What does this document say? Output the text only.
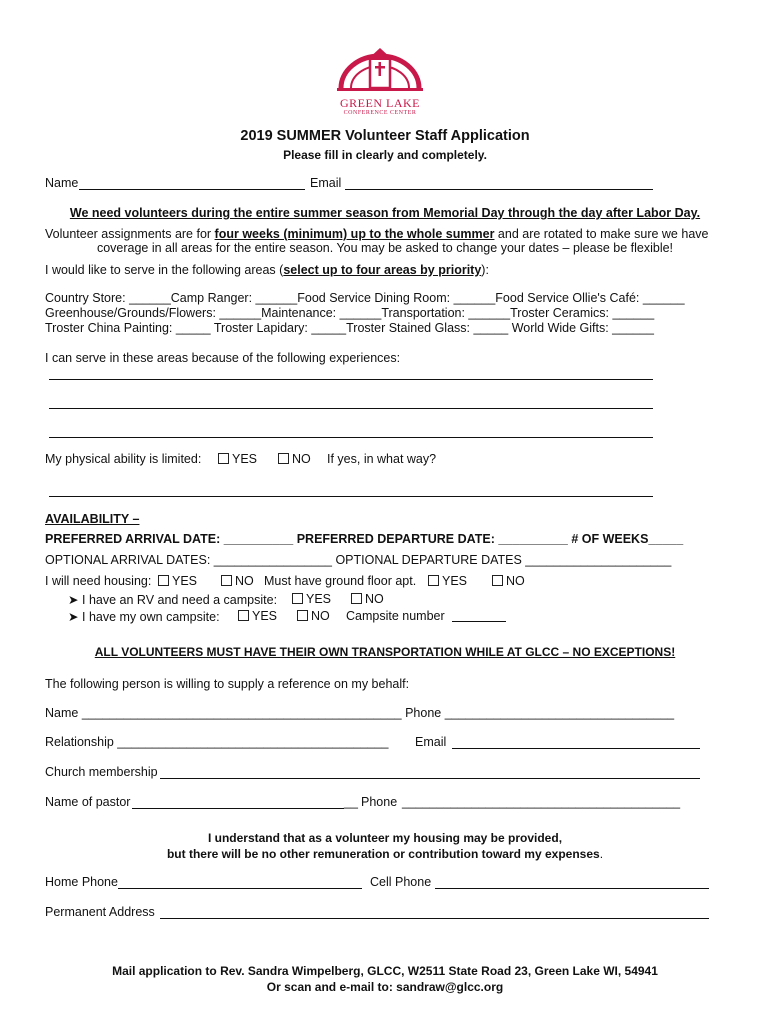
GREEN LAKE
CONFERENCE CENTER
2019 SUMMER Volunteer Staff Application
Please fill in clearly and completely.
Name	Email
We need volunteers during the entire summer season from Memorial Day through the day after Labor Day.
Volunteer assignments are for four weeks (minimum) up to the whole summer and are rotated to make sure we have
coverage in all areas for the entire season. You may be asked to change your dates – please be flexible!
I would like to serve in the following areas (select up to four areas by priority):
Country Store: ______Camp Ranger: ______Food Service Dining Room: ______Food Service Ollie's Café: ______
Greenhouse/Grounds/Flowers: ______Maintenance: ______Transportation: ______Troster Ceramics: ______
Troster China Painting: _____ Troster Lapidary: _____Troster Stained Glass: _____ World Wide Gifts: ______
I can serve in these areas because of the following experiences:
My physical ability is limited:	YES	NO If yes, in what way?
AVAILABILITY –
PREFERRED ARRIVAL DATE: __________ PREFERRED DEPARTURE DATE: __________ # OF WEEKS_____
OPTIONAL ARRIVAL DATES: _________________ OPTIONAL DEPARTURE DATES _____________________
I will need housing:	YES	NO Must have ground floor apt.	YES	NO
➤ I have an RV and need a campsite:	YES	NO
➤ I have my own campsite:	YES	NO Campsite number
ALL VOLUNTEERS MUST HAVE THEIR OWN TRANSPORTATION WHILE AT GLCC – NO EXCEPTIONS!
The following person is willing to supply a reference on my behalf:
Name ______________________________________________ Phone _________________________________
Relationship _______________________________________ Email
Church membership
Name of pastor	__ Phone ________________________________________
I understand that as a volunteer my housing may be provided,
but there will be no other remuneration or contribution toward my expenses.
Home Phone	Cell Phone
Permanent Address
Mail application to Rev. Sandra Wimpelberg, GLCC, W2511 State Road 23, Green Lake WI, 54941
Or scan and e-mail to: sandraw@glcc.org
